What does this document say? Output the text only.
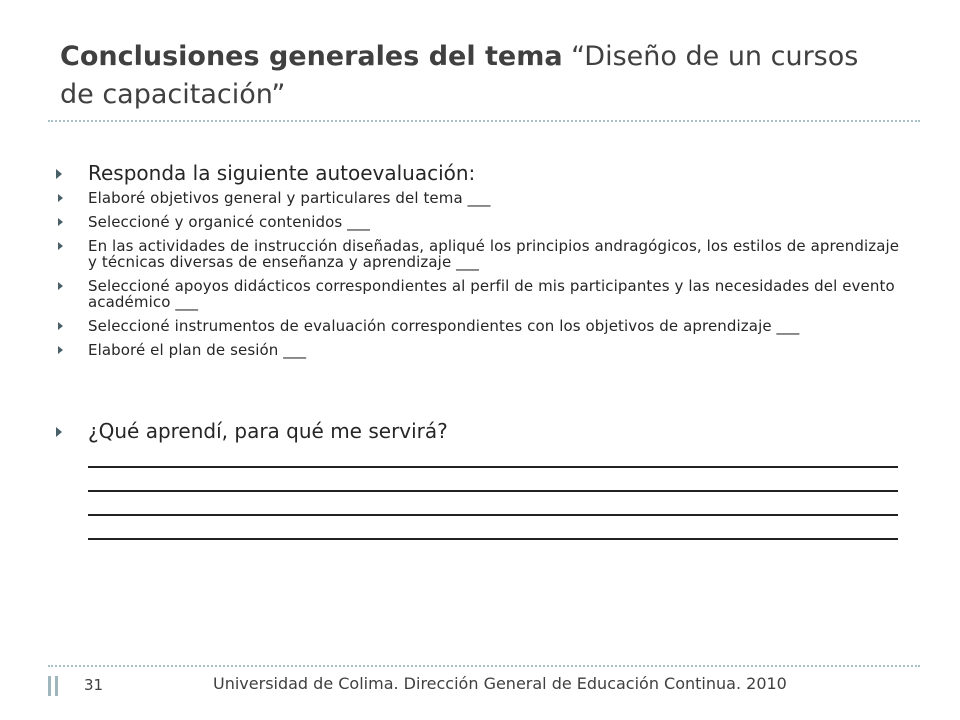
Conclusiones generales del tema “Diseño de un cursos de capacitación”
Responda la siguiente autoevaluación:
Elaboré objetivos general y particulares del tema ___
Seleccioné y organicé contenidos ___
En las actividades de instrucción diseñadas, apliqué los principios andragógicos, los estilos de aprendizaje y técnicas diversas de enseñanza y aprendizaje ___
Seleccioné apoyos didácticos correspondientes al perfil de mis participantes y las necesidades del evento académico ___
Seleccioné instrumentos de evaluación correspondientes con los objetivos de aprendizaje ___
Elaboré el plan de sesión ___
¿Qué aprendí, para qué me servirá?
31	Universidad de Colima. Dirección General de Educación Continua. 2010
